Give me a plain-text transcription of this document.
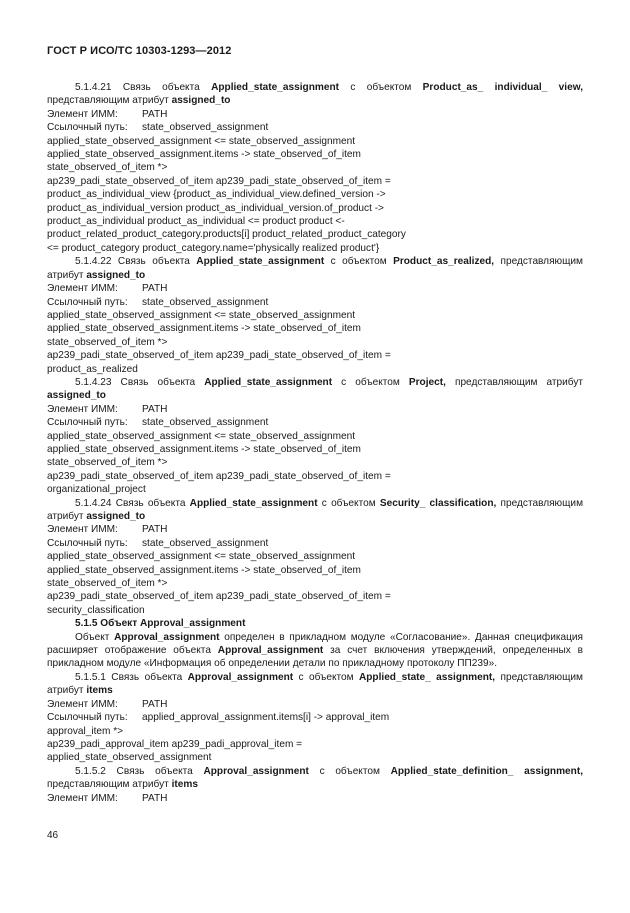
ГОСТ Р ИСО/ТС 10303-1293—2012
5.1.4.21 Связь объекта Applied_state_assignment с объектом Product_as_ individual_ view, представляющим атрибут assigned_to
Элемент ИММ:	PATH
Ссылочный путь:	state_observed_assignment
applied_state_observed_assignment <= state_observed_assignment
applied_state_observed_assignment.items -> state_observed_of_item
state_observed_of_item *>
ap239_padi_state_observed_of_item ap239_padi_state_observed_of_item =
product_as_individual_view {product_as_individual_view.defined_version ->
product_as_individual_version product_as_individual_version.of_product ->
product_as_individual product_as_individual <= product product <-
product_related_product_category.products[i] product_related_product_category
<= product_category product_category.name='physically realized product'}
5.1.4.22 Связь объекта Applied_state_assignment с объектом Product_as_realized, представляющим атрибут assigned_to
Элемент ИММ:	PATH
Ссылочный путь:	state_observed_assignment
applied_state_observed_assignment <= state_observed_assignment
applied_state_observed_assignment.items -> state_observed_of_item
state_observed_of_item *>
ap239_padi_state_observed_of_item ap239_padi_state_observed_of_item =
product_as_realized
5.1.4.23 Связь объекта Applied_state_assignment с объектом Project, представляющим атрибут assigned_to
Элемент ИММ:	PATH
Ссылочный путь:	state_observed_assignment
applied_state_observed_assignment <= state_observed_assignment
applied_state_observed_assignment.items -> state_observed_of_item
state_observed_of_item *>
ap239_padi_state_observed_of_item ap239_padi_state_observed_of_item =
organizational_project
5.1.4.24 Связь объекта Applied_state_assignment с объектом Security_ classification, представляющим атрибут assigned_to
Элемент ИММ:	PATH
Ссылочный путь:	state_observed_assignment
applied_state_observed_assignment <= state_observed_assignment
applied_state_observed_assignment.items -> state_observed_of_item
state_observed_of_item *>
ap239_padi_state_observed_of_item ap239_padi_state_observed_of_item =
security_classification
5.1.5 Объект Approval_assignment
Объект Approval_assignment определен в прикладном модуле «Согласование». Данная спецификация расширяет отображение объекта Approval_assignment за счет включения утверждений, определенных в прикладном модуле «Информация об определении детали по прикладному протоколу ПП239».
5.1.5.1 Связь объекта Approval_assignment с объектом Applied_state_ assignment, представляющим атрибут items
Элемент ИММ:	PATH
Ссылочный путь:	applied_approval_assignment.items[i] -> approval_item
approval_item *>
ap239_padi_approval_item ap239_padi_approval_item =
applied_state_observed_assignment
5.1.5.2 Связь объекта Approval_assignment с объектом Applied_state_definition_ assignment, представляющим атрибут items
Элемент ИММ:	PATH
46
